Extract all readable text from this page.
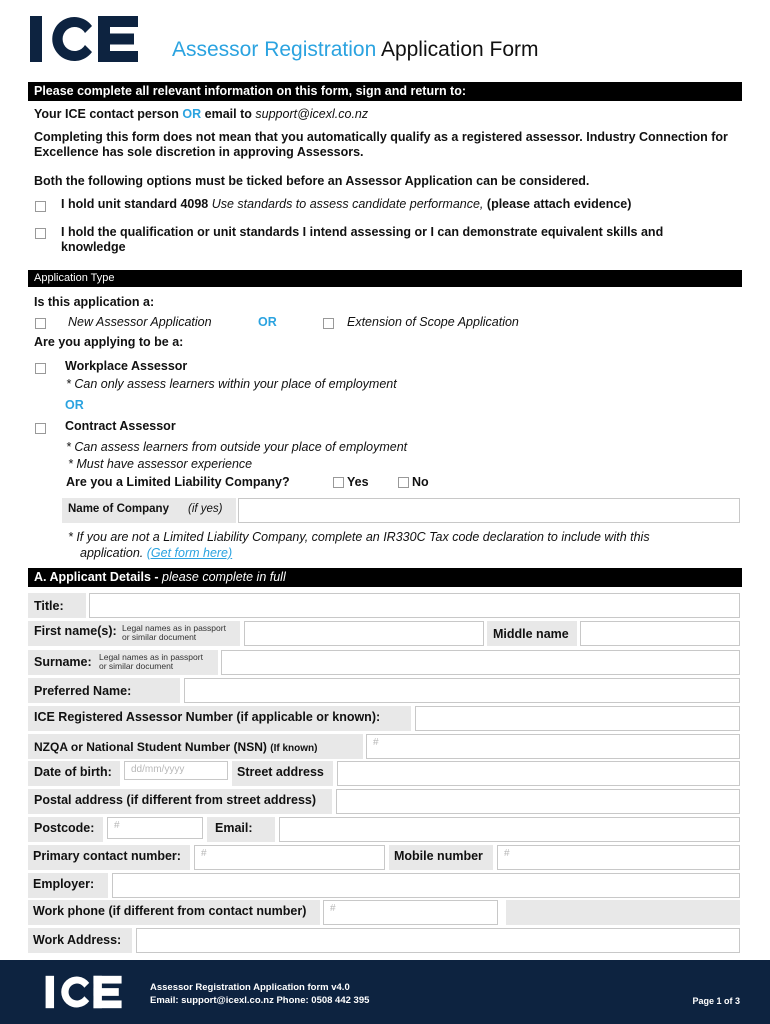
ICE
Assessor Registration Application Form
Please complete all relevant information on this form, sign and return to:
Your ICE contact person OR email to support@icexl.co.nz
Completing this form does not mean that you automatically qualify as a registered assessor. Industry Connection for Excellence has sole discretion in approving Assessors.
Both the following options must be ticked before an Assessor Application can be considered.
I hold unit standard 4098 Use standards to assess candidate performance, (please attach evidence)
I hold the qualification or unit standards I intend assessing or I can demonstrate equivalent skills and knowledge
Application Type
Is this application a:
New Assessor Application	OR	Extension of Scope Application
Are you applying to be a:
Workplace Assessor
* Can only assess learners within your place of employment
OR
Contract Assessor
* Can assess learners from outside your place of employment
* Must have assessor experience
Are you a Limited Liability Company?	Yes	No
Name of Company (if yes)
* If you are not a Limited Liability Company, complete an IR330C Tax code declaration to include with this
application. (Get form here)
A. Applicant Details - please complete in full
Title:
First name(s): Legal names as in passport
or similar document	Middle name
Surname: Legal names as in passport
or similar document
Preferred Name:
ICE Registered Assessor Number (if applicable or known):
NZQA or National Student Number (NSN) (If known)
#
Date of birth:	dd/mm/yyyy	Street address
Postal address (if different from street address)
Postcode:	#	Email:
Primary contact number:	#	Mobile number	#
Employer:
Work phone (if different from contact number)	#
Work Address:
ICE
Assessor Registration Application form v4.0
Email: support@icexl.co.nz Phone: 0508 442 395	Page 1 of 3
